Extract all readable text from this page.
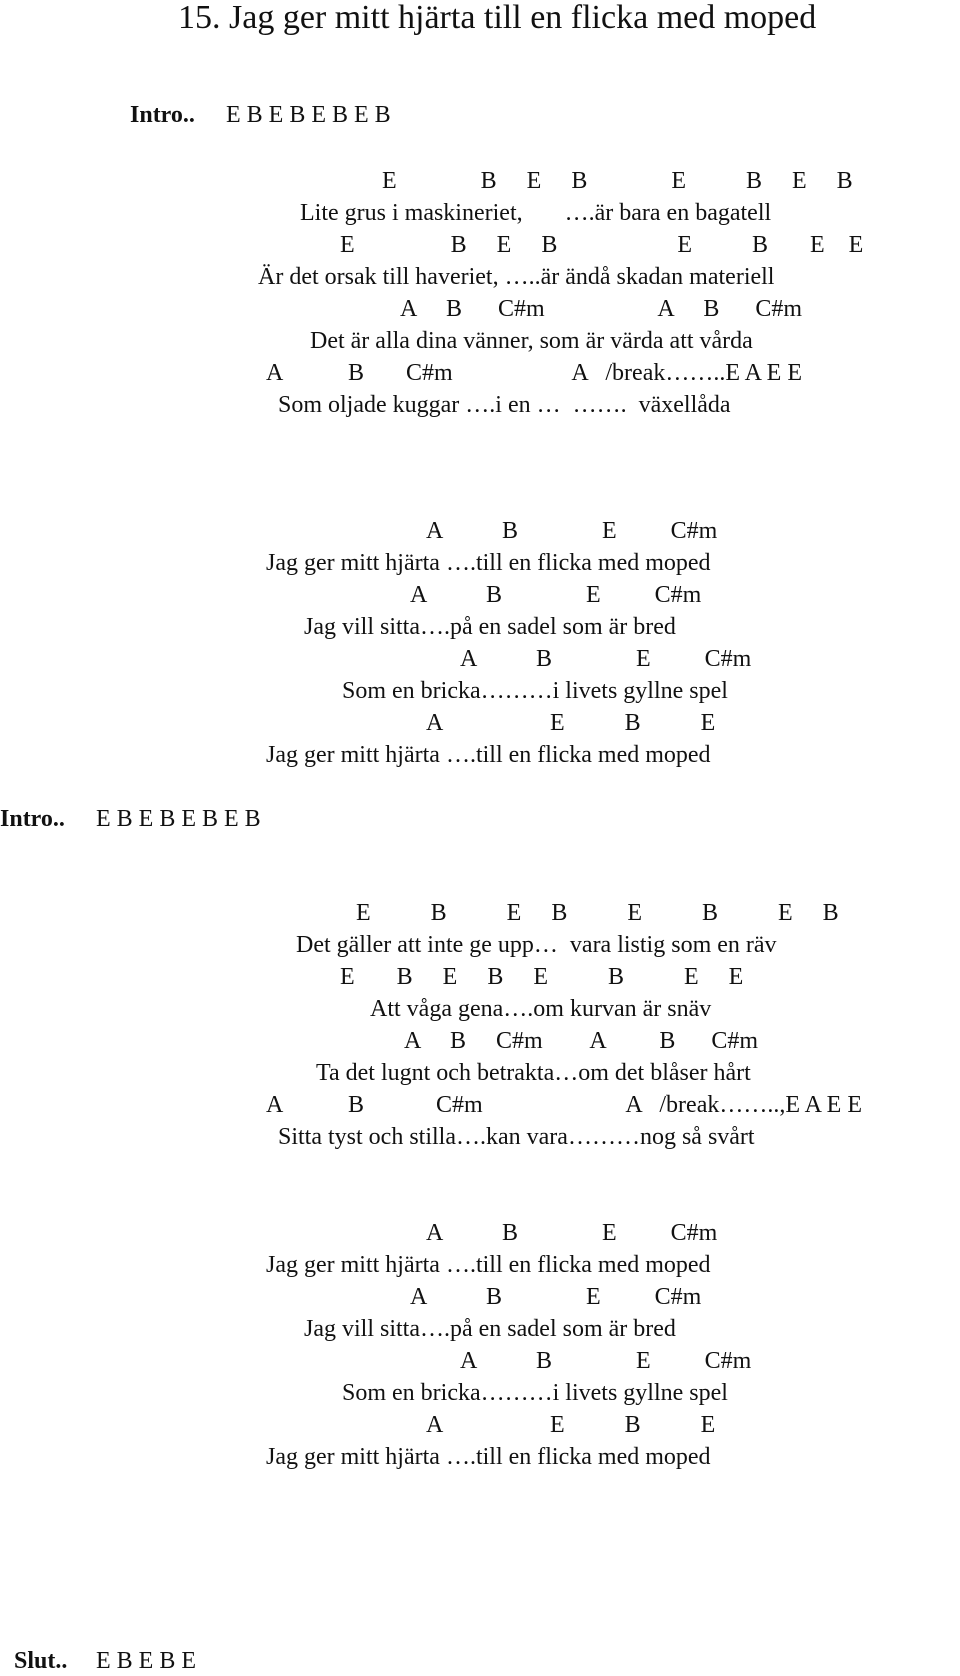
15. Jag ger mitt hjärta till en flicka med moped
Intro.. E B E B E B E B
E              B     E     B              E          B     E     B
Lite grus i maskineriet,       ….är bara en bagatell
E                B     E     B                    E          B       E    E
Är det orsak till haveriet, …..är ändå skadan materiell
A     B      C#m                   A     B      C#m
Det är alla dina vänner, som är värda att vårda
A           B       C#m                    A   /break……..E A E E
Som oljade kuggar ….i en …  …….  växellåda
A          B              E         C#m
Jag ger mitt hjärta ….till en flicka med moped
A          B              E         C#m
Jag vill sitta….på en sadel som är bred
A          B              E         C#m
Som en bricka………i livets gyllne spel
A                  E          B          E
Jag ger mitt hjärta ….till en flicka med moped
Intro.. E B E B E B E B
E          B          E     B          E          B          E     B
Det gäller att inte ge upp…  vara listig som en räv
E       B     E     B     E          B          E     E
Att våga gena….om kurvan är snäv
A     B     C#m        A         B      C#m
Ta det lugnt och betrakta…om det blåser hårt
A           B            C#m                        A   /break……..,E A E E
Sitta tyst och stilla….kan vara………nog så svårt
A          B              E         C#m
Jag ger mitt hjärta ….till en flicka med moped
A          B              E         C#m
Jag vill sitta….på en sadel som är bred
A          B              E         C#m
Som en bricka………i livets gyllne spel
A                  E          B          E
Jag ger mitt hjärta ….till en flicka med moped
Slut.. E B E B E
